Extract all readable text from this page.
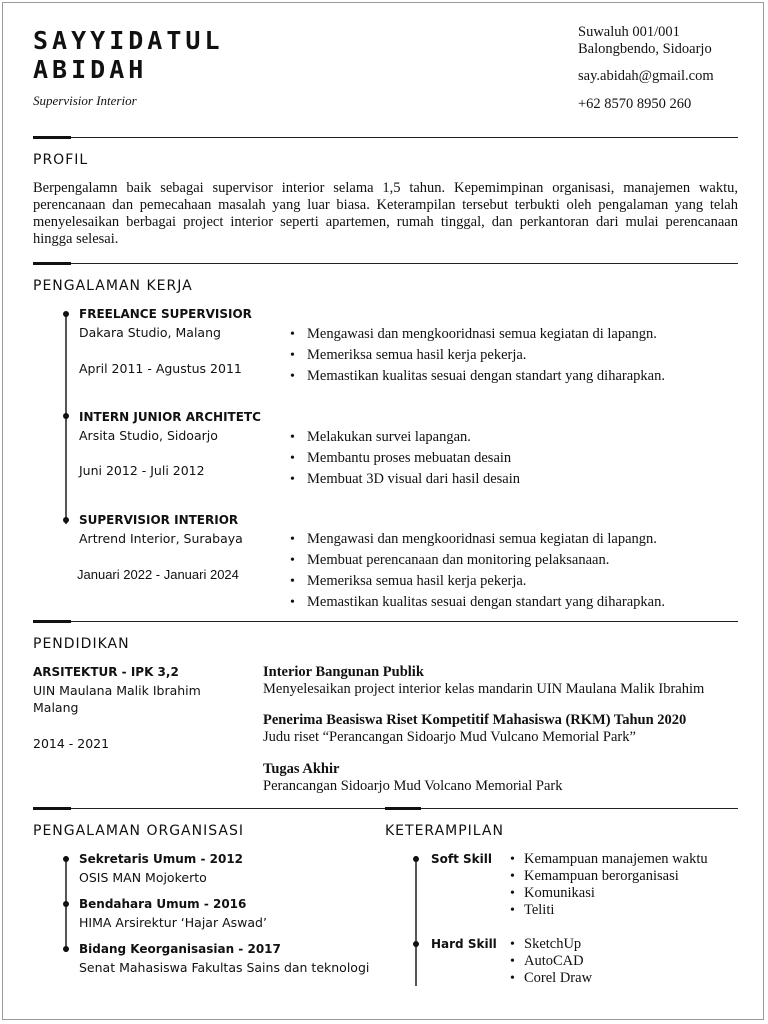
SAYYIDATUL
ABIDAH
Supervisior Interior
Suwaluh 001/001
Balongbendo, Sidoarjo
say.abidah@gmail.com
+62 8570 8950 260
PROFIL
Berpengalamn baik sebagai supervisor interior selama 1,5 tahun. Kepemimpinan organisasi, manajemen waktu, perencanaan dan pemecahaan masalah yang luar biasa. Keterampilan tersebut terbukti oleh pengalaman yang telah menyelesaikan berbagai project interior seperti apartemen, rumah tinggal, dan perkantoran dari mulai perencanaan hingga selesai.
PENGALAMAN KERJA
FREELANCE SUPERVISIOR
Dakara Studio, Malang
April 2011 - Agustus 2011
• Mengawasi dan mengkooridnasi semua kegiatan di lapangn.
• Memeriksa semua hasil kerja pekerja.
• Memastikan kualitas sesuai dengan standart yang diharapkan.
INTERN JUNIOR ARCHITETC
Arsita Studio, Sidoarjo
Juni 2012 - Juli 2012
• Melakukan survei lapangan.
• Membantu proses mebuatan desain
• Membuat 3D visual dari hasil desain
SUPERVISIOR INTERIOR
Artrend Interior, Surabaya
Januari 2022 - Januari 2024
• Mengawasi dan mengkooridnasi semua kegiatan di lapangn.
• Membuat perencanaan dan monitoring pelaksanaan.
• Memeriksa semua hasil kerja pekerja.
• Memastikan kualitas sesuai dengan standart yang diharapkan.
PENDIDIKAN
ARSITEKTUR - IPK 3,2
UIN Maulana Malik Ibrahim
Malang
2014 - 2021
Interior Bangunan Publik
Menyelesaikan project interior kelas mandarin UIN Maulana Malik Ibrahim
Penerima Beasiswa Riset Kompetitif Mahasiswa (RKM) Tahun 2020
Judu riset “Perancangan Sidoarjo Mud Vulcano Memorial Park”
Tugas Akhir
Perancangan Sidoarjo Mud Volcano Memorial Park
PENGALAMAN ORGANISASI
Sekretaris Umum - 2012
OSIS MAN Mojokerto
Bendahara Umum - 2016
HIMA Arsirektur ‘Hajar Aswad’
Bidang Keorganisasian - 2017
Senat Mahasiswa Fakultas Sains dan teknologi
KETERAMPILAN
Soft Skill	• Kemampuan manajemen waktu
• Kemampuan berorganisasi
• Komunikasi
• Teliti
Hard Skill	• SketchUp
• AutoCAD
• Corel Draw
